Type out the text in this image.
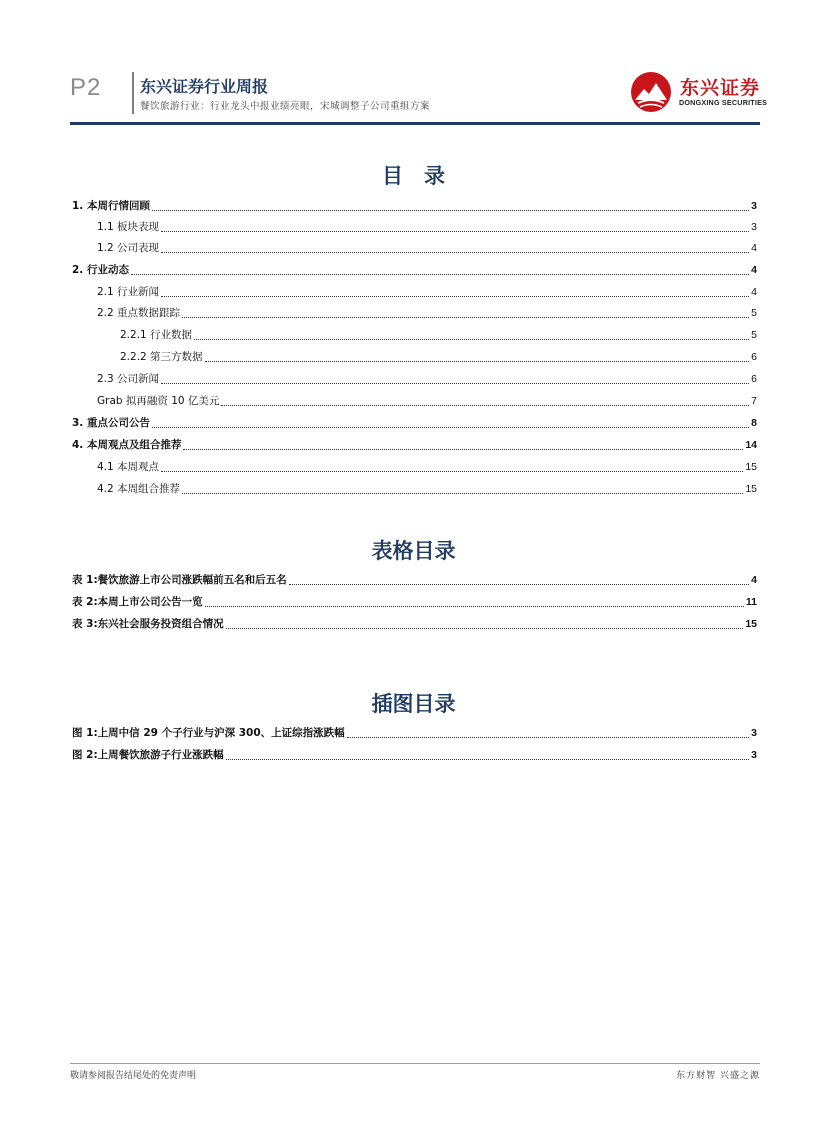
P2 东兴证券行业周报
餐饮旅游行业：行业龙头中报业绩亮眼，宋城调整子公司重组方案
东兴证券
DONGXING SECURITIES
目　录
1. 本周行情回顾	3
1.1 板块表现	3
1.2 公司表现	4
2. 行业动态	4
2.1 行业新闻	4
2.2 重点数据跟踪	5
2.2.1 行业数据	5
2.2.2 第三方数据	6
2.3 公司新闻	6
Grab 拟再融资 10 亿美元	7
3. 重点公司公告	8
4. 本周观点及组合推荐	14
4.1 本周观点	15
4.2 本周组合推荐	15
表格目录
表 1:餐饮旅游上市公司涨跌幅前五名和后五名	4
表 2:本周上市公司公告一览	11
表 3:东兴社会服务投资组合情况	15
插图目录
图 1:上周中信 29 个子行业与沪深 300、上证综指涨跌幅	3
图 2:上周餐饮旅游子行业涨跌幅	3
敬请参阅报告结尾处的免责声明	东方财智 兴盛之源
